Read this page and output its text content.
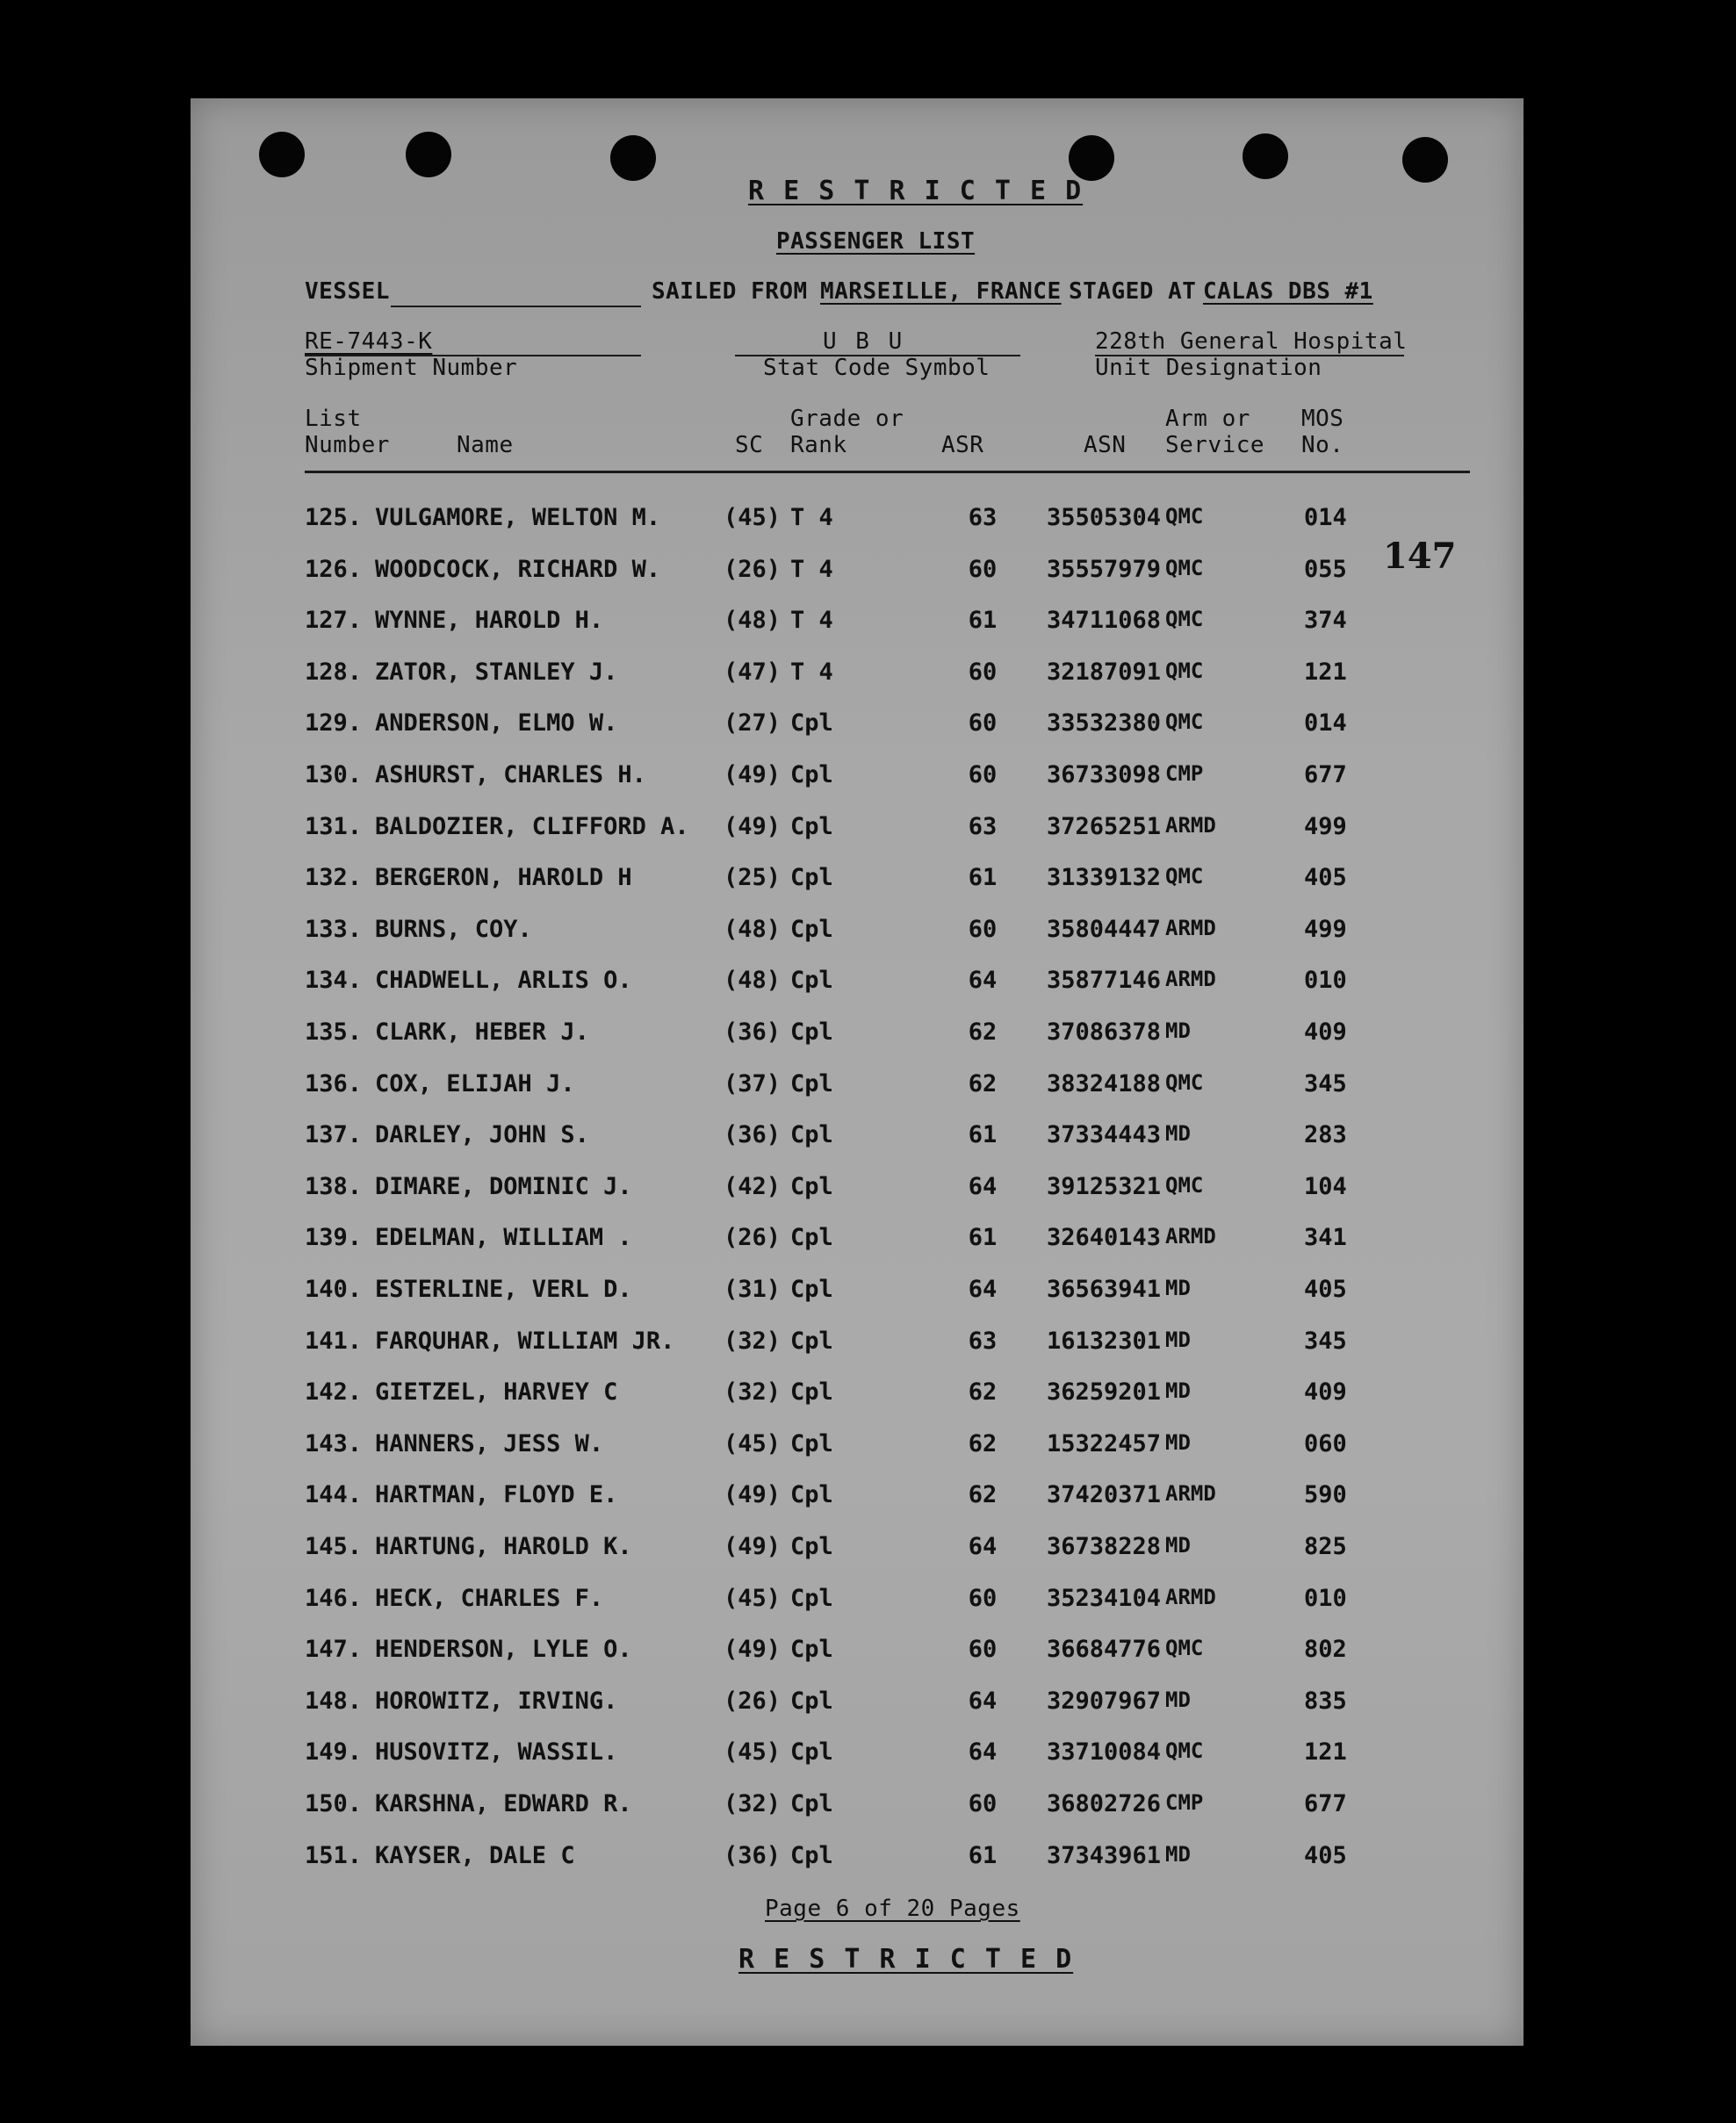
R E S T R I C T E D
PASSENGER LIST
VESSEL	SAILED FROM MARSEILLE, FRANCE STAGED AT CALAS DBS #1
RE-7443-K
Shipment Number
U B U
Stat Code Symbol
228th General Hospital
Unit Designation
List
Number	Name	SC
Grade or
Rank	ASR	ASN
Arm or
Service
MOS
No.
147
125. VULGAMORE, WELTON M.	(45) T 4	63	35505304 QMC	014
126. WOODCOCK, RICHARD W.	(26) T 4	60	35557979 QMC	055
127. WYNNE, HAROLD H.	(48) T 4	61	34711068 QMC	374
128. ZATOR, STANLEY J.	(47) T 4	60	32187091 QMC	121
129. ANDERSON, ELMO W.	(27) Cpl	60	33532380 QMC	014
130. ASHURST, CHARLES H.	(49) Cpl	60	36733098 CMP	677
131. BALDOZIER, CLIFFORD A. (49) Cpl	63	37265251 ARMD	499
132. BERGERON, HAROLD H	(25) Cpl	61	31339132 QMC	405
133. BURNS, COY.	(48) Cpl	60	35804447 ARMD	499
134. CHADWELL, ARLIS O.	(48) Cpl	64	35877146 ARMD	010
135. CLARK, HEBER J.	(36) Cpl	62	37086378 MD	409
136. COX, ELIJAH J.	(37) Cpl	62	38324188 QMC	345
137. DARLEY, JOHN S.	(36) Cpl	61	37334443 MD	283
138. DIMARE, DOMINIC J.	(42) Cpl	64	39125321 QMC	104
139. EDELMAN, WILLIAM .	(26) Cpl	61	32640143 ARMD	341
140. ESTERLINE, VERL D.	(31) Cpl	64	36563941 MD	405
141. FARQUHAR, WILLIAM JR. (32) Cpl	63	16132301 MD	345
142. GIETZEL, HARVEY C	(32) Cpl	62	36259201 MD	409
143. HANNERS, JESS W.	(45) Cpl	62	15322457 MD	060
144. HARTMAN, FLOYD E.	(49) Cpl	62	37420371 ARMD	590
145. HARTUNG, HAROLD K.	(49) Cpl	64	36738228 MD	825
146. HECK, CHARLES F.	(45) Cpl	60	35234104 ARMD	010
147. HENDERSON, LYLE O.	(49) Cpl	60	36684776 QMC	802
148. HOROWITZ, IRVING.	(26) Cpl	64	32907967 MD	835
149. HUSOVITZ, WASSIL.	(45) Cpl	64	33710084 QMC	121
150. KARSHNA, EDWARD R.	(32) Cpl	60	36802726 CMP	677
151. KAYSER, DALE C	(36) Cpl	61	37343961 MD	405
Page 6 of 20 Pages
R E S T R I C T E D
